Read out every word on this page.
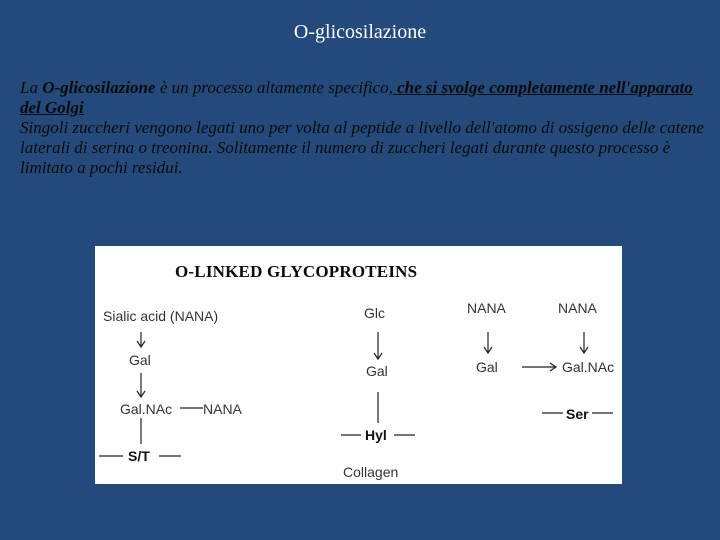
O-glicosilazione

La O-glicosilazione è un processo altamente specifico, che si svolge completamente nell'apparato del Golgi

Singoli zuccheri vengono legati uno per volta al peptide a livello dell'atomo di ossigeno delle catene laterali di serina o treonina. Solitamente il numero di zuccheri legati durante questo processo è limitato a pochi residui.

O-LINKED GLYCOPROTEINS
Sialic acid (NANA)
Gal
Gal.NAc NANA
S/T
Glc
Gal
Hyl
Collagen
NANA
Gal
NANA
Gal.NAc
Ser
